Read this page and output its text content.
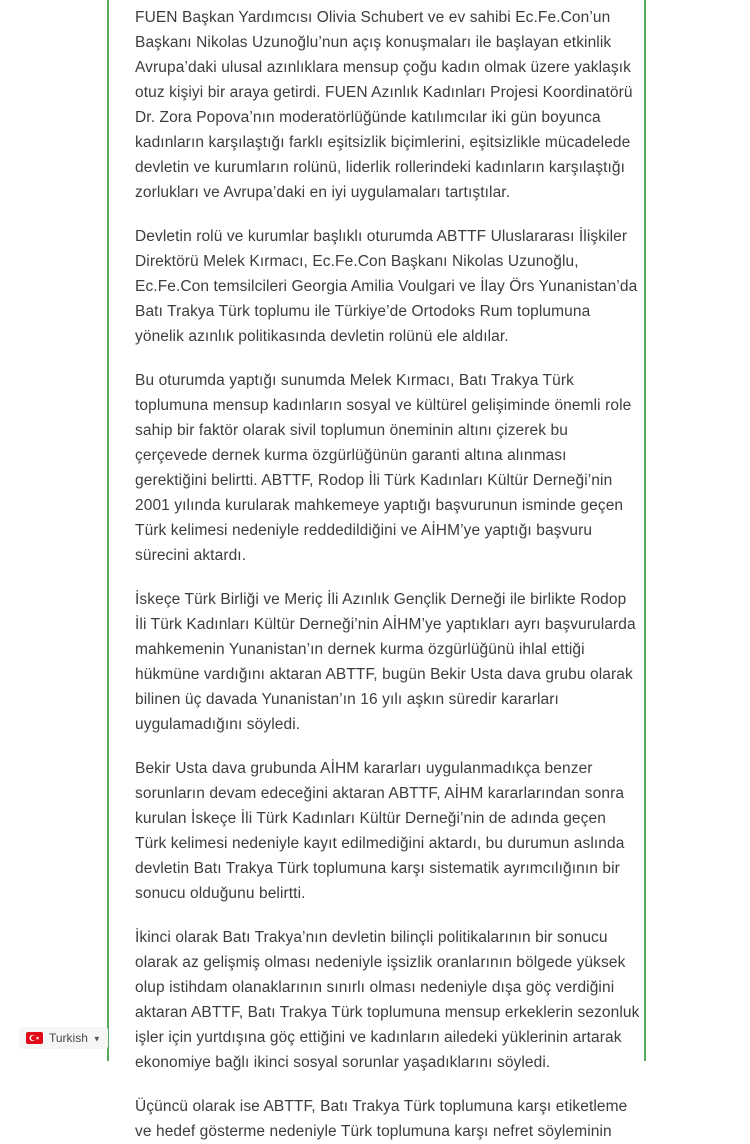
FUEN Başkan Yardımcısı Olivia Schubert ve ev sahibi Ec.Fe.Con’un Başkanı Nikolas Uzunoğlu’nun açış konuşmaları ile başlayan etkinlik Avrupa’daki ulusal azınlıklara mensup çoğu kadın olmak üzere yaklaşık otuz kişiyi bir araya getirdi. FUEN Azınlık Kadınları Projesi Koordinatörü Dr. Zora Popova’nın moderatörlüğünde katılımcılar iki gün boyunca kadınların karşılaştığı farklı eşitsizlik biçimlerini, eşitsizlikle mücadelede devletin ve kurumların rolünü, liderlik rollerindeki kadınların karşılaştığı zorlukları ve Avrupa’daki en iyi uygulamaları tartıştılar.

Devletin rolü ve kurumlar başlıklı oturumda ABTTF Uluslararası İlişkiler Direktörü Melek Kırmacı, Ec.Fe.Con Başkanı Nikolas Uzunoğlu, Ec.Fe.Con temsilcileri Georgia Amilia Voulgari ve İlay Örs Yunanistan’da Batı Trakya Türk toplumu ile Türkiye’de Ortodoks Rum toplumuna yönelik azınlık politikasında devletin rolünü ele aldılar.

Bu oturumda yaptığı sunumda Melek Kırmacı, Batı Trakya Türk toplumuna mensup kadınların sosyal ve kültürel gelişiminde önemli role sahip bir faktör olarak sivil toplumun öneminin altını çizerek bu çerçevede dernek kurma özgürlüğünün garanti altına alınması gerektiğini belirtti. ABTTF, Rodop İli Türk Kadınları Kültür Derneği’nin 2001 yılında kurularak mahkemeye yaptığı başvurunun isminde geçen Türk kelimesi nedeniyle reddedildiğini ve AİHM’ye yaptığı başvuru sürecini aktardı.

İskeçe Türk Birliği ve Meriç İli Azınlık Gençlik Derneği ile birlikte Rodop İli Türk Kadınları Kültür Derneği’nin AİHM’ye yaptıkları ayrı başvurularda mahkemenin Yunanistan’ın dernek kurma özgürlüğünü ihlal ettiği hükmüne vardığını aktaran ABTTF, bugün Bekir Usta dava grubu olarak bilinen üç davada Yunanistan’ın 16 yılı aşkın süredir kararları uygulamadığını söyledi.

Bekir Usta dava grubunda AİHM kararları uygulanmadıkça benzer sorunların devam edeceğini aktaran ABTTF, AİHM kararlarından sonra kurulan İskeçe İli Türk Kadınları Kültür Derneği’nin de adında geçen Türk kelimesi nedeniyle kayıt edilmediğini aktardı, bu durumun aslında devletin Batı Trakya Türk toplumuna karşı sistematik ayrımcılığının bir sonucu olduğunu belirtti.

İkinci olarak Batı Trakya’nın devletin bilinçli politikalarının bir sonucu olarak az gelişmiş olması nedeniyle işsizlik oranlarının bölgede yüksek olup istihdam olanaklarının sınırlı olması nedeniyle dışa göç verdiğini aktaran ABTTF, Batı Trakya Türk toplumuna mensup erkeklerin sezonluk işler için yurtdışına göç ettiğini ve kadınların ailedeki yüklerinin artarak ekonomiye bağlı ikinci sosyal sorunlar yaşadıklarını söyledi.

Üçüncü olarak ise ABTTF, Batı Trakya Türk toplumuna karşı etiketleme ve hedef gösterme nedeniyle Türk toplumuna karşı nefret söyleminin

Turkish ▼
